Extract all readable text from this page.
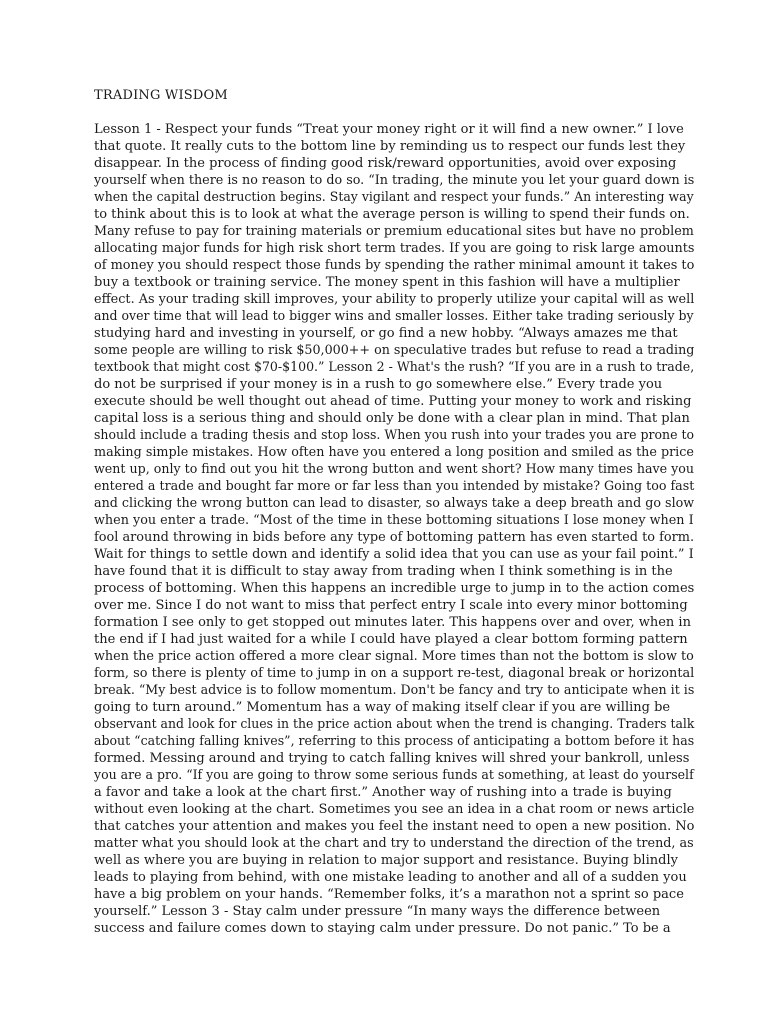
TRADING WISDOM
Lesson 1 - Respect your funds “Treat your money right or it will find a new owner.” I love
that quote. It really cuts to the bottom line by reminding us to respect our funds lest they
disappear. In the process of finding good risk/reward opportunities, avoid over exposing
yourself when there is no reason to do so. “In trading, the minute you let your guard down is
when the capital destruction begins. Stay vigilant and respect your funds.” An interesting way
to think about this is to look at what the average person is willing to spend their funds on.
Many refuse to pay for training materials or premium educational sites but have no problem
allocating major funds for high risk short term trades. If you are going to risk large amounts
of money you should respect those funds by spending the rather minimal amount it takes to
buy a textbook or training service. The money spent in this fashion will have a multiplier
effect. As your trading skill improves, your ability to properly utilize your capital will as well
and over time that will lead to bigger wins and smaller losses. Either take trading seriously by
studying hard and investing in yourself, or go find a new hobby. “Always amazes me that
some people are willing to risk $50,000++ on speculative trades but refuse to read a trading
textbook that might cost $70-$100.” Lesson 2 - What's the rush? “If you are in a rush to trade,
do not be surprised if your money is in a rush to go somewhere else.” Every trade you
execute should be well thought out ahead of time. Putting your money to work and risking
capital loss is a serious thing and should only be done with a clear plan in mind. That plan
should include a trading thesis and stop loss. When you rush into your trades you are prone to
making simple mistakes. How often have you entered a long position and smiled as the price
went up, only to find out you hit the wrong button and went short? How many times have you
entered a trade and bought far more or far less than you intended by mistake? Going too fast
and clicking the wrong button can lead to disaster, so always take a deep breath and go slow
when you enter a trade. “Most of the time in these bottoming situations I lose money when I
fool around throwing in bids before any type of bottoming pattern has even started to form.
Wait for things to settle down and identify a solid idea that you can use as your fail point.” I
have found that it is difficult to stay away from trading when I think something is in the
process of bottoming. When this happens an incredible urge to jump in to the action comes
over me. Since I do not want to miss that perfect entry I scale into every minor bottoming
formation I see only to get stopped out minutes later. This happens over and over, when in
the end if I had just waited for a while I could have played a clear bottom forming pattern
when the price action offered a more clear signal. More times than not the bottom is slow to
form, so there is plenty of time to jump in on a support re-test, diagonal break or horizontal
break. “My best advice is to follow momentum. Don't be fancy and try to anticipate when it is
going to turn around.” Momentum has a way of making itself clear if you are willing be
observant and look for clues in the price action about when the trend is changing. Traders talk
about “catching falling knives”, referring to this process of anticipating a bottom before it has
formed. Messing around and trying to catch falling knives will shred your bankroll, unless
you are a pro. “If you are going to throw some serious funds at something, at least do yourself
a favor and take a look at the chart first.” Another way of rushing into a trade is buying
without even looking at the chart. Sometimes you see an idea in a chat room or news article
that catches your attention and makes you feel the instant need to open a new position. No
matter what you should look at the chart and try to understand the direction of the trend, as
well as where you are buying in relation to major support and resistance. Buying blindly
leads to playing from behind, with one mistake leading to another and all of a sudden you
have a big problem on your hands. “Remember folks, it’s a marathon not a sprint so pace
yourself.” Lesson 3 - Stay calm under pressure “In many ways the difference between
success and failure comes down to staying calm under pressure. Do not panic.” To be a
